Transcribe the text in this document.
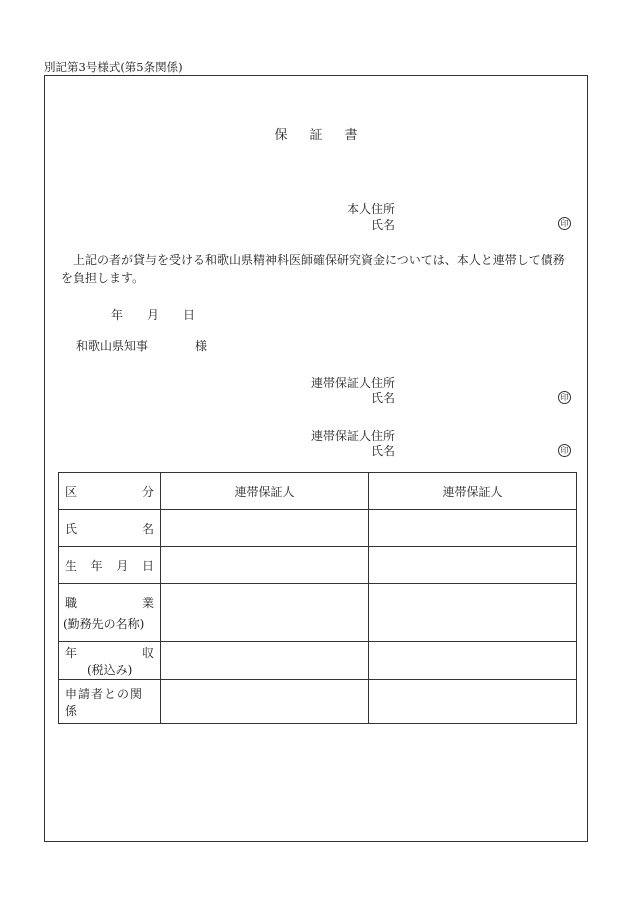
別記第3号様式(第5条関係)
保証書
本人住所
氏名	印
上記の者が貸与を受ける和歌山県精神科医師確保研究資金については、本人と連帯して債務を負担します。
年 月 日
和歌山県知事	様
連帯保証人住所
氏名	印
連帯保証人住所
氏名	印
区 分	連帯保証人	連帯保証人

氏 名		

生 年 月 日		

職 業
(勤務先の名称)		

年 収
(税込み)		

申請者との関係		
